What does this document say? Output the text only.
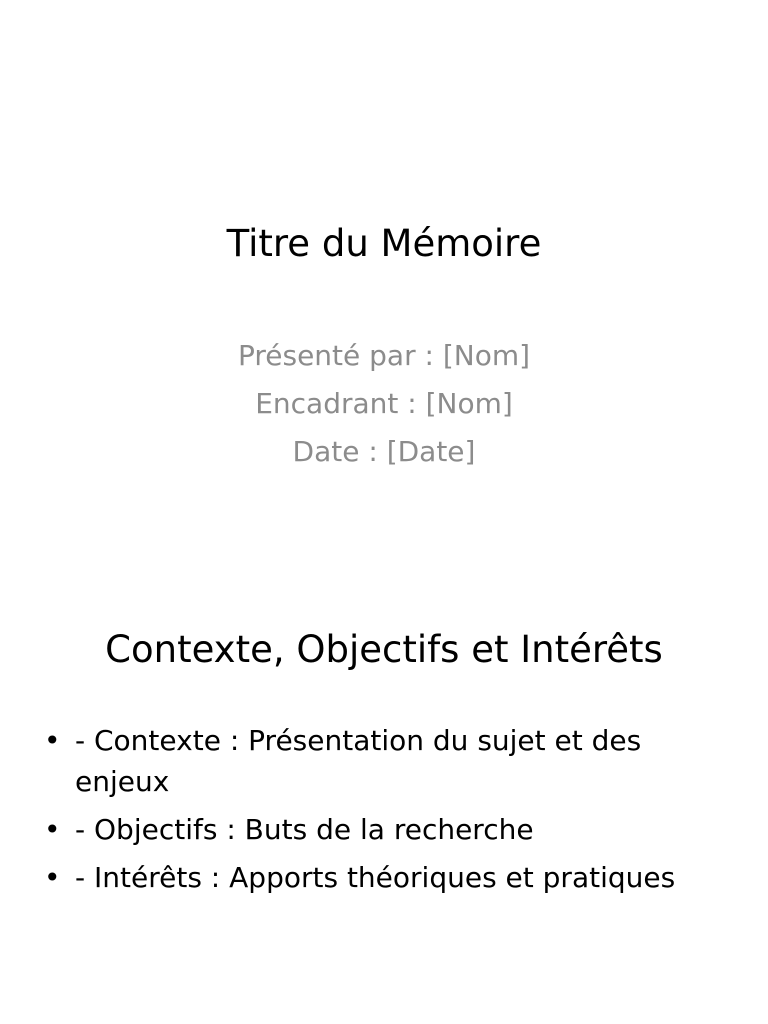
Titre du Mémoire
Présenté par : [Nom]
Encadrant : [Nom]
Date : [Date]
Contexte, Objectifs et Intérêts
• - Contexte : Présentation du sujet et des enjeux
• - Objectifs : Buts de la recherche
• - Intérêts : Apports théoriques et pratiques
